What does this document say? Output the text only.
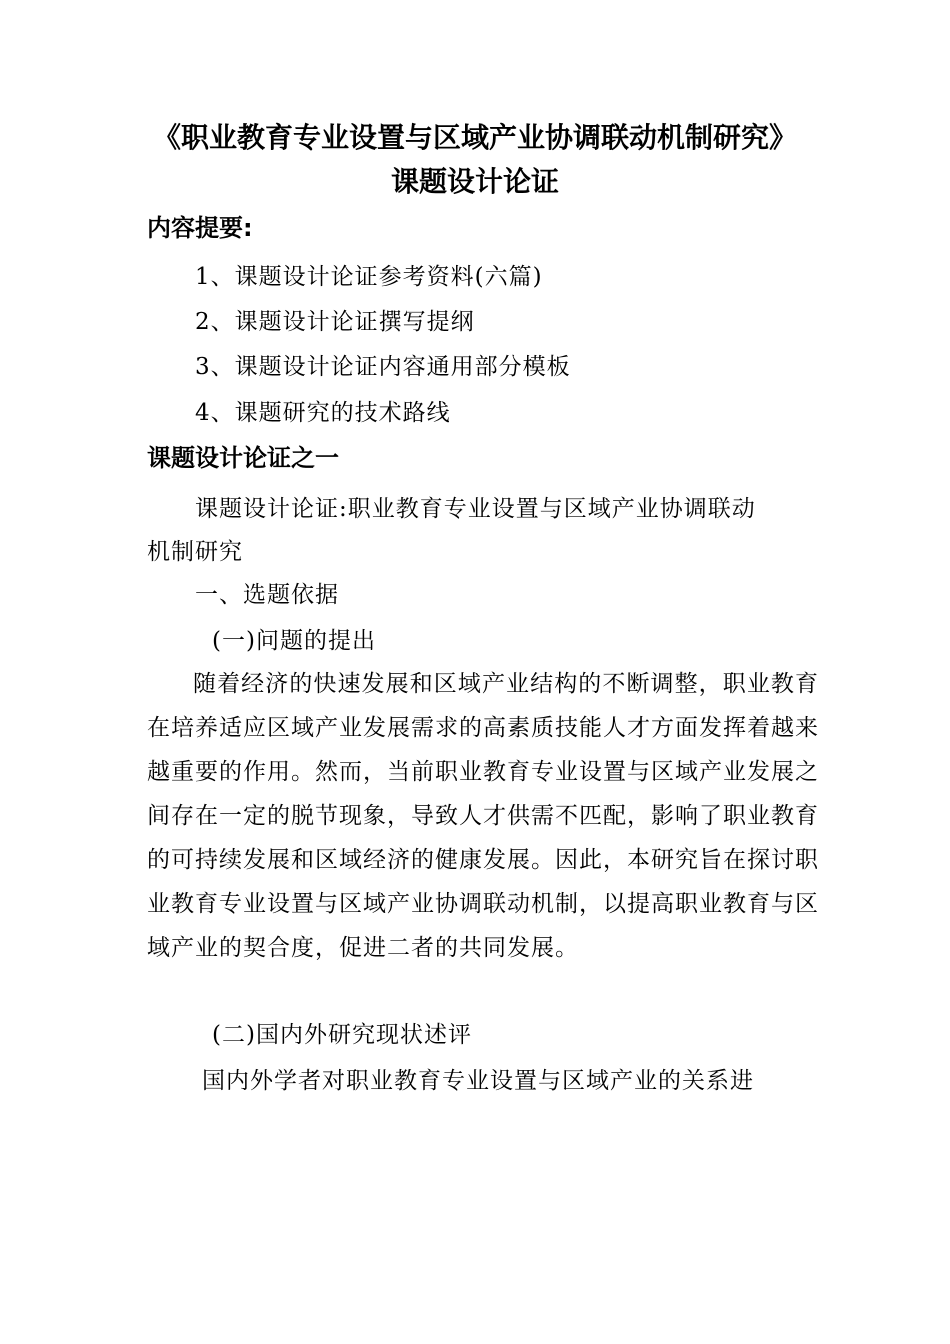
《职业教育专业设置与区域产业协调联动机制研究》
课题设计论证
内容提要:

1、课题设计论证参考资料(六篇)

2、课题设计论证撰写提纲

3、课题设计论证内容通用部分模板

4、课题研究的技术路线

课题设计论证之一

课题设计论证:职业教育专业设置与区域产业协调联动

机制研究

一、选题依据

(一)问题的提出

随着经济的快速发展和区域产业结构的不断调整，职业教育在培养适应区域产业发展需求的高素质技能人才方面发挥着越来越重要的作用。然而，当前职业教育专业设置与区域产业发展之间存在一定的脱节现象，导致人才供需不匹配，影响了职业教育的可持续发展和区域经济的健康发展。因此，本研究旨在探讨职业教育专业设置与区域产业协调联动机制，以提高职业教育与区域产业的契合度，促进二者的共同发展。

(二)国内外研究现状述评

国内外学者对职业教育专业设置与区域产业的关系进
